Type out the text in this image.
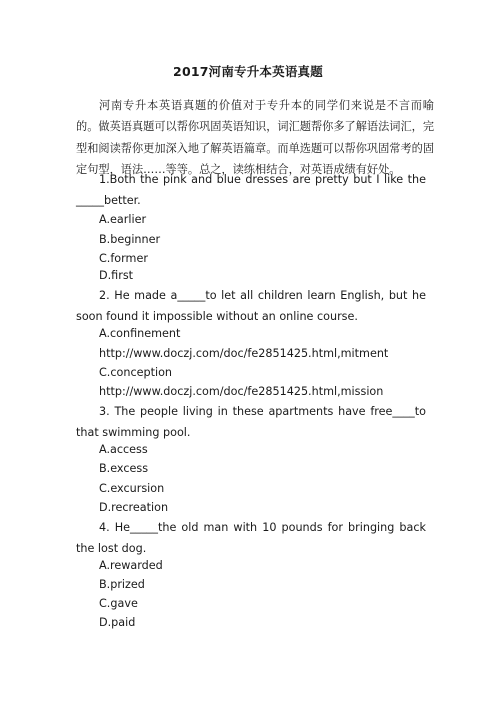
2017河南专升本英语真题

河南专升本英语真题的价值对于专升本的同学们来说是不言而喻的。做英语真题可以帮你巩固英语知识，词汇题帮你多了解语法词汇，完型和阅读帮你更加深入地了解英语篇章。而单选题可以帮你巩固常考的固定句型，语法……等等。总之，读练相结合，对英语成绩有好处。

1.Both the pink and blue dresses are pretty but I like the _____better.

A.earlier

B.beginner

C.former

D.first

2. He made a_____to let all children learn English, but he soon found it impossible without an online course.

A.confinement

http://www.doczj.com/doc/fe2851425.html,mitment

C.conception

http://www.doczj.com/doc/fe2851425.html,mission

3. The people living in these apartments have free____to that swimming pool.

A.access

B.excess

C.excursion

D.recreation

4. He_____the old man with 10 pounds for bringing back the lost dog.

A.rewarded

B.prized

C.gave

D.paid
